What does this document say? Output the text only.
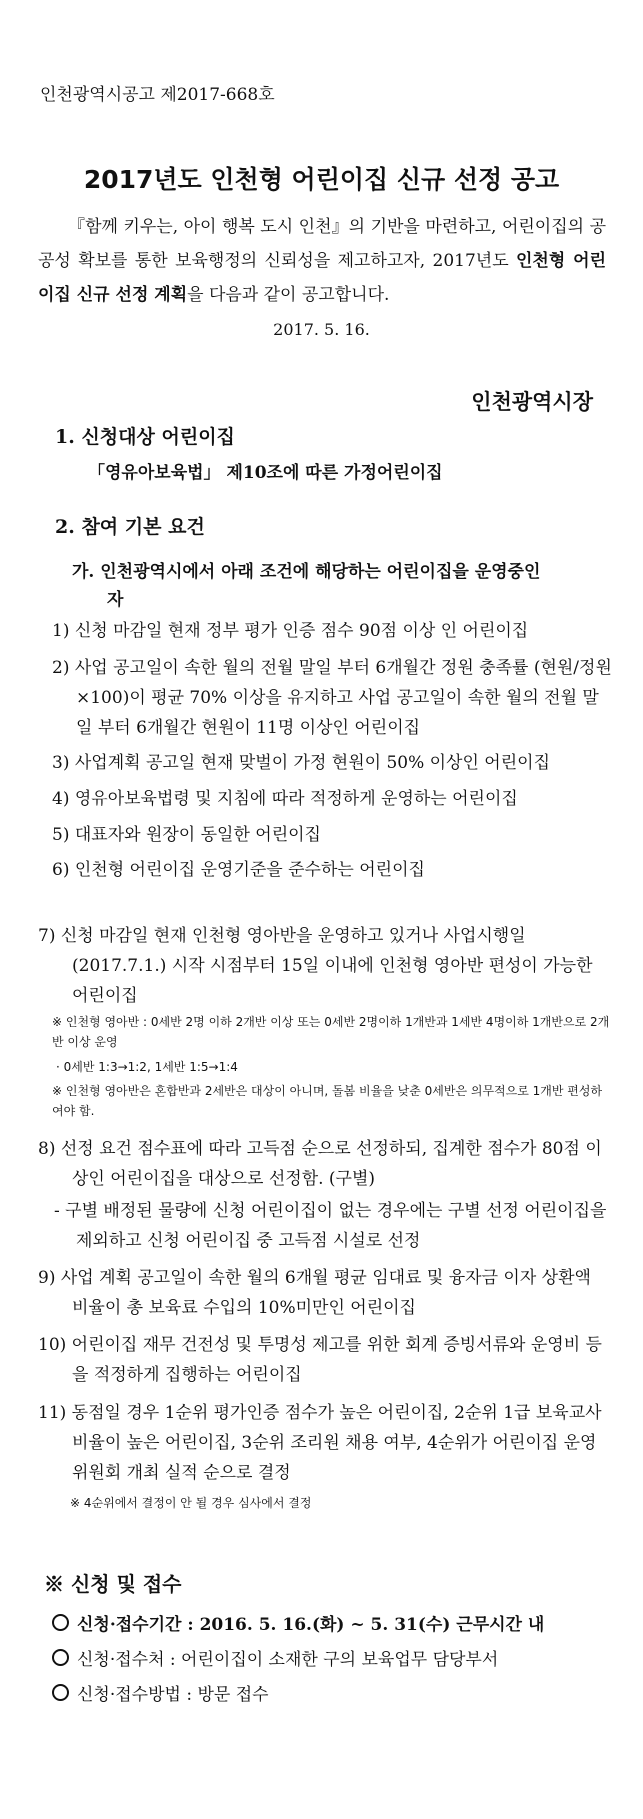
인천광역시공고 제2017-668호
2017년도 인천형 어린이집 신규 선정 공고
『함께 키우는, 아이 행복 도시 인천』의 기반을 마련하고, 어린이집의 공공성 확보를 통한 보육행정의 신뢰성을 제고하고자, 2017년도 인천형 어린이집 신규 선정 계획을 다음과 같이 공고합니다.
2017. 5. 16.
인천광역시장
1. 신청대상 어린이집
「영유아보육법」 제10조에 따른 가정어린이집
2. 참여 기본 요건
가. 인천광역시에서 아래 조건에 해당하는 어린이집을 운영중인
자
1) 신청 마감일 현재 정부 평가 인증 점수 90점 이상 인 어린이집
2) 사업 공고일이 속한 월의 전월 말일 부터 6개월간 정원 충족률 (현원/정원×100)이 평균 70% 이상을 유지하고 사업 공고일이 속한 월의 전월 말일 부터 6개월간 현원이 11명 이상인 어린이집
3) 사업계획 공고일 현재 맞벌이 가정 현원이 50% 이상인 어린이집
4) 영유아보육법령 및 지침에 따라 적정하게 운영하는 어린이집
5) 대표자와 원장이 동일한 어린이집
6) 인천형 어린이집 운영기준을 준수하는 어린이집
7) 신청 마감일 현재 인천형 영아반을 운영하고 있거나 사업시행일 (2017.7.1.) 시작 시점부터 15일 이내에 인천형 영아반 편성이 가능한 어린이집
※ 인천형 영아반 : 0세반 2명 이하 2개반 이상 또는 0세반 2명이하 1개반과 1세반 4명이하 1개반으로 2개반 이상 운영
· 0세반 1:3→1:2, 1세반 1:5→1:4
※ 인천형 영아반은 혼합반과 2세반은 대상이 아니며, 돌봄 비율을 낮춘 0세반은 의무적으로 1개반 편성하여야 함.
8) 선정 요건 점수표에 따라 고득점 순으로 선정하되, 집계한 점수가 80점 이상인 어린이집을 대상으로 선정함. (구별)
- 구별 배정된 물량에 신청 어린이집이 없는 경우에는 구별 선정 어린이집을 제외하고 신청 어린이집 중 고득점 시설로 선정
9) 사업 계획 공고일이 속한 월의 6개월 평균 임대료 및 융자금 이자 상환액 비율이 총 보육료 수입의 10%미만인 어린이집
10) 어린이집 재무 건전성 및 투명성 제고를 위한 회계 증빙서류와 운영비 등을 적정하게 집행하는 어린이집
11) 동점일 경우 1순위 평가인증 점수가 높은 어린이집, 2순위 1급 보육교사 비율이 높은 어린이집, 3순위 조리원 채용 여부, 4순위가 어린이집 운영위원회 개최 실적 순으로 결정
※ 4순위에서 결정이 안 될 경우 심사에서 결정
※ 신청 및 접수
신청·접수기간 : 2016. 5. 16.(화) ~ 5. 31(수) 근무시간 내
신청·접수처 : 어린이집이 소재한 구의 보육업무 담당부서
신청·접수방법 : 방문 접수
